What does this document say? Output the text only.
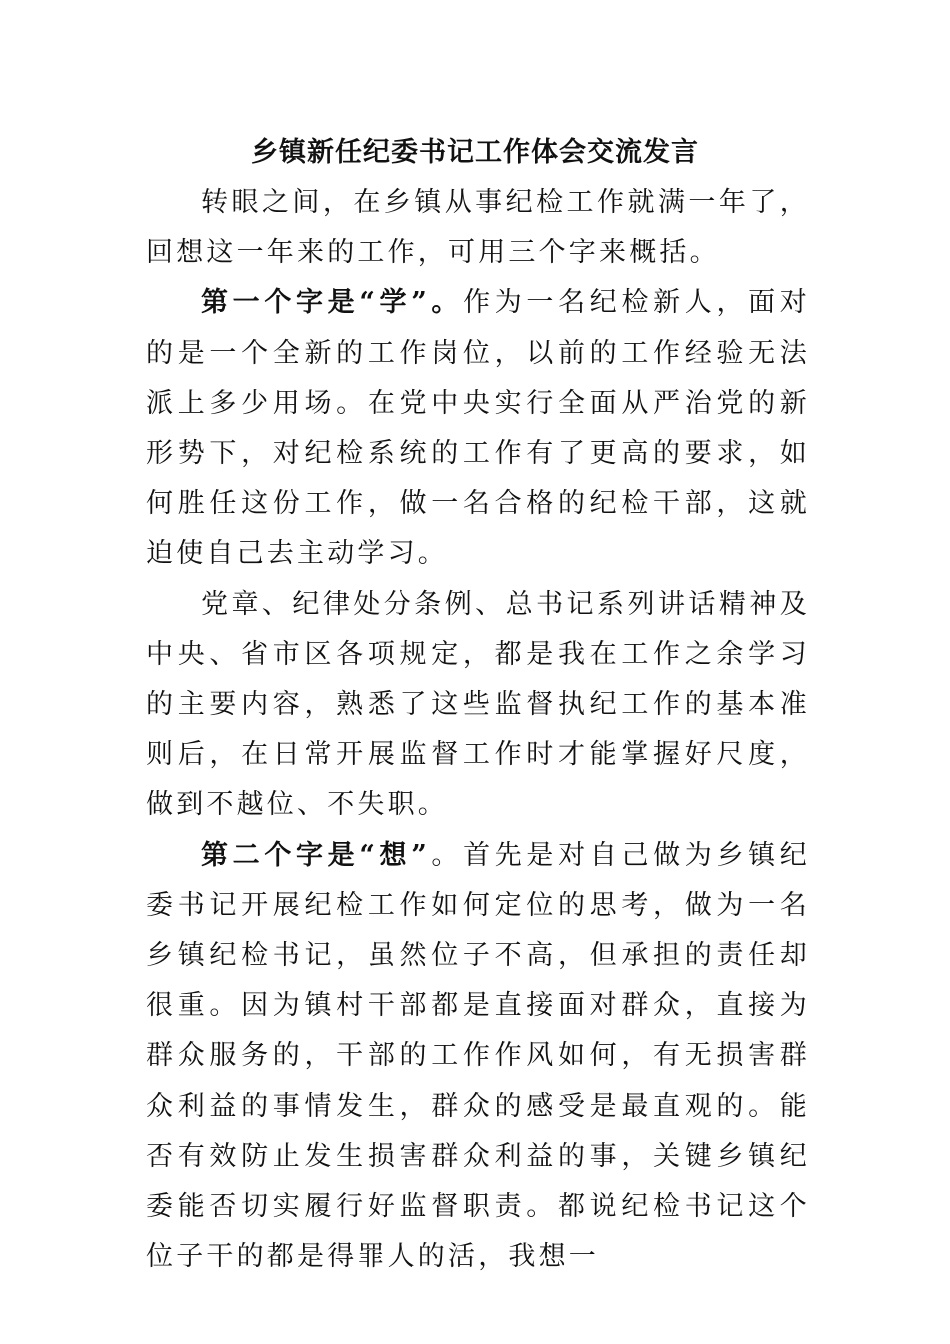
乡镇新任纪委书记工作体会交流发言

转眼之间，在乡镇从事纪检工作就满一年了，回想这一年来的工作，可用三个字来概括。

第一个字是“学”。作为一名纪检新人，面对的是一个全新的工作岗位，以前的工作经验无法派上多少用场。在党中央实行全面从严治党的新形势下，对纪检系统的工作有了更高的要求，如何胜任这份工作，做一名合格的纪检干部，这就迫使自己去主动学习。

党章、纪律处分条例、总书记系列讲话精神及中央、省市区各项规定，都是我在工作之余学习的主要内容，熟悉了这些监督执纪工作的基本准则后，在日常开展监督工作时才能掌握好尺度，做到不越位、不失职。

第二个字是“想”。首先是对自己做为乡镇纪委书记开展纪检工作如何定位的思考，做为一名乡镇纪检书记，虽然位子不高，但承担的责任却很重。因为镇村干部都是直接面对群众，直接为群众服务的，干部的工作作风如何，有无损害群众利益的事情发生，群众的感受是最直观的。能否有效防止发生损害群众利益的事，关键乡镇纪委能否切实履行好监督职责。都说纪检书记这个位子干的都是得罪人的活，我想一
